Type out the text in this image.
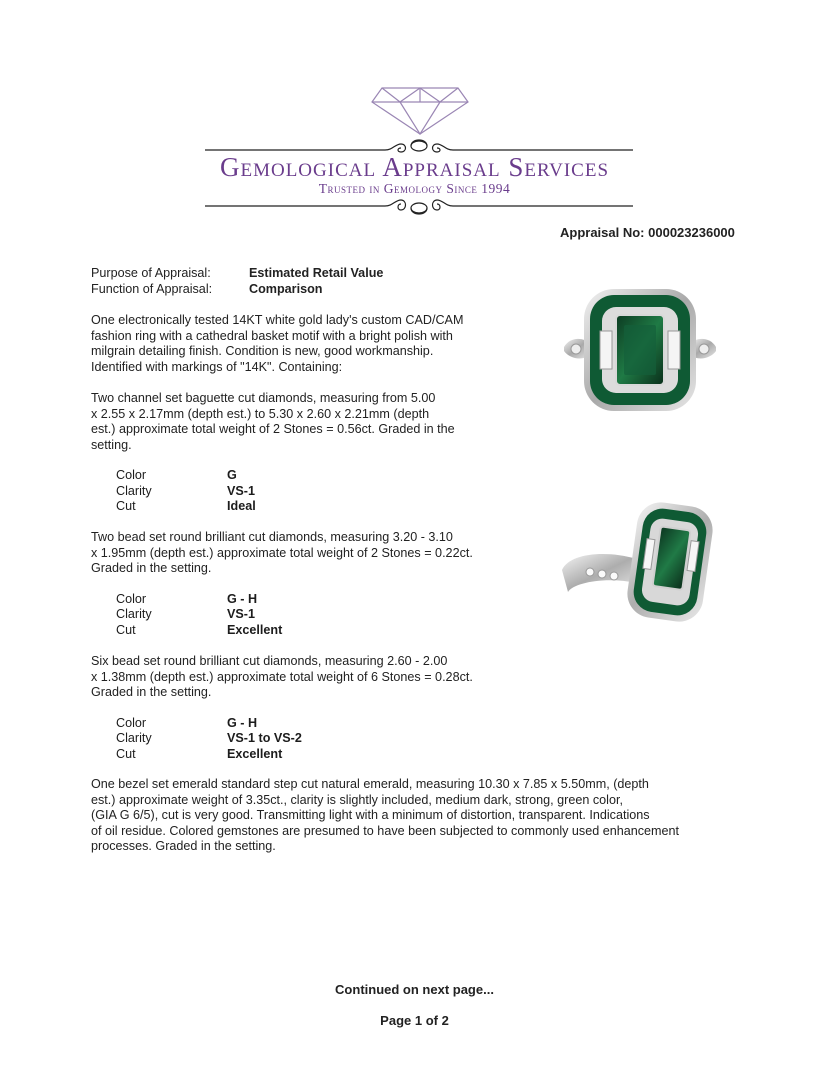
Gemological Appraisal Services
Trusted in Gemology Since 1994
Appraisal No: 000023236000
Purpose of Appraisal:	Estimated Retail Value
Function of Appraisal:	Comparison
One electronically tested 14KT white gold lady's custom CAD/CAM
fashion ring with a cathedral basket motif with a bright polish with
milgrain detailing finish. Condition is new, good workmanship.
Identified with markings of "14K". Containing:
Two channel set baguette cut diamonds, measuring from 5.00
x 2.55 x 2.17mm (depth est.) to 5.30 x 2.60 x 2.21mm (depth
est.) approximate total weight of 2 Stones = 0.56ct. Graded in the
setting.
Color	G
Clarity	VS-1
Cut	Ideal
Two bead set round brilliant cut diamonds, measuring 3.20 - 3.10
x 1.95mm (depth est.) approximate total weight of 2 Stones = 0.22ct.
Graded in the setting.
Color	G - H
Clarity	VS-1
Cut	Excellent
Six bead set round brilliant cut diamonds, measuring 2.60 - 2.00
x 1.38mm (depth est.) approximate total weight of 6 Stones = 0.28ct.
Graded in the setting.
Color	G - H
Clarity	VS-1 to VS-2
Cut	Excellent
One bezel set emerald standard step cut natural emerald, measuring 10.30 x 7.85 x 5.50mm, (depth
est.) approximate weight of 3.35ct., clarity is slightly included, medium dark, strong, green color,
(GIA G 6/5), cut is very good. Transmitting light with a minimum of distortion, transparent. Indications
of oil residue. Colored gemstones are presumed to have been subjected to commonly used enhancement
processes. Graded in the setting.
Continued on next page...
Page 1 of 2
